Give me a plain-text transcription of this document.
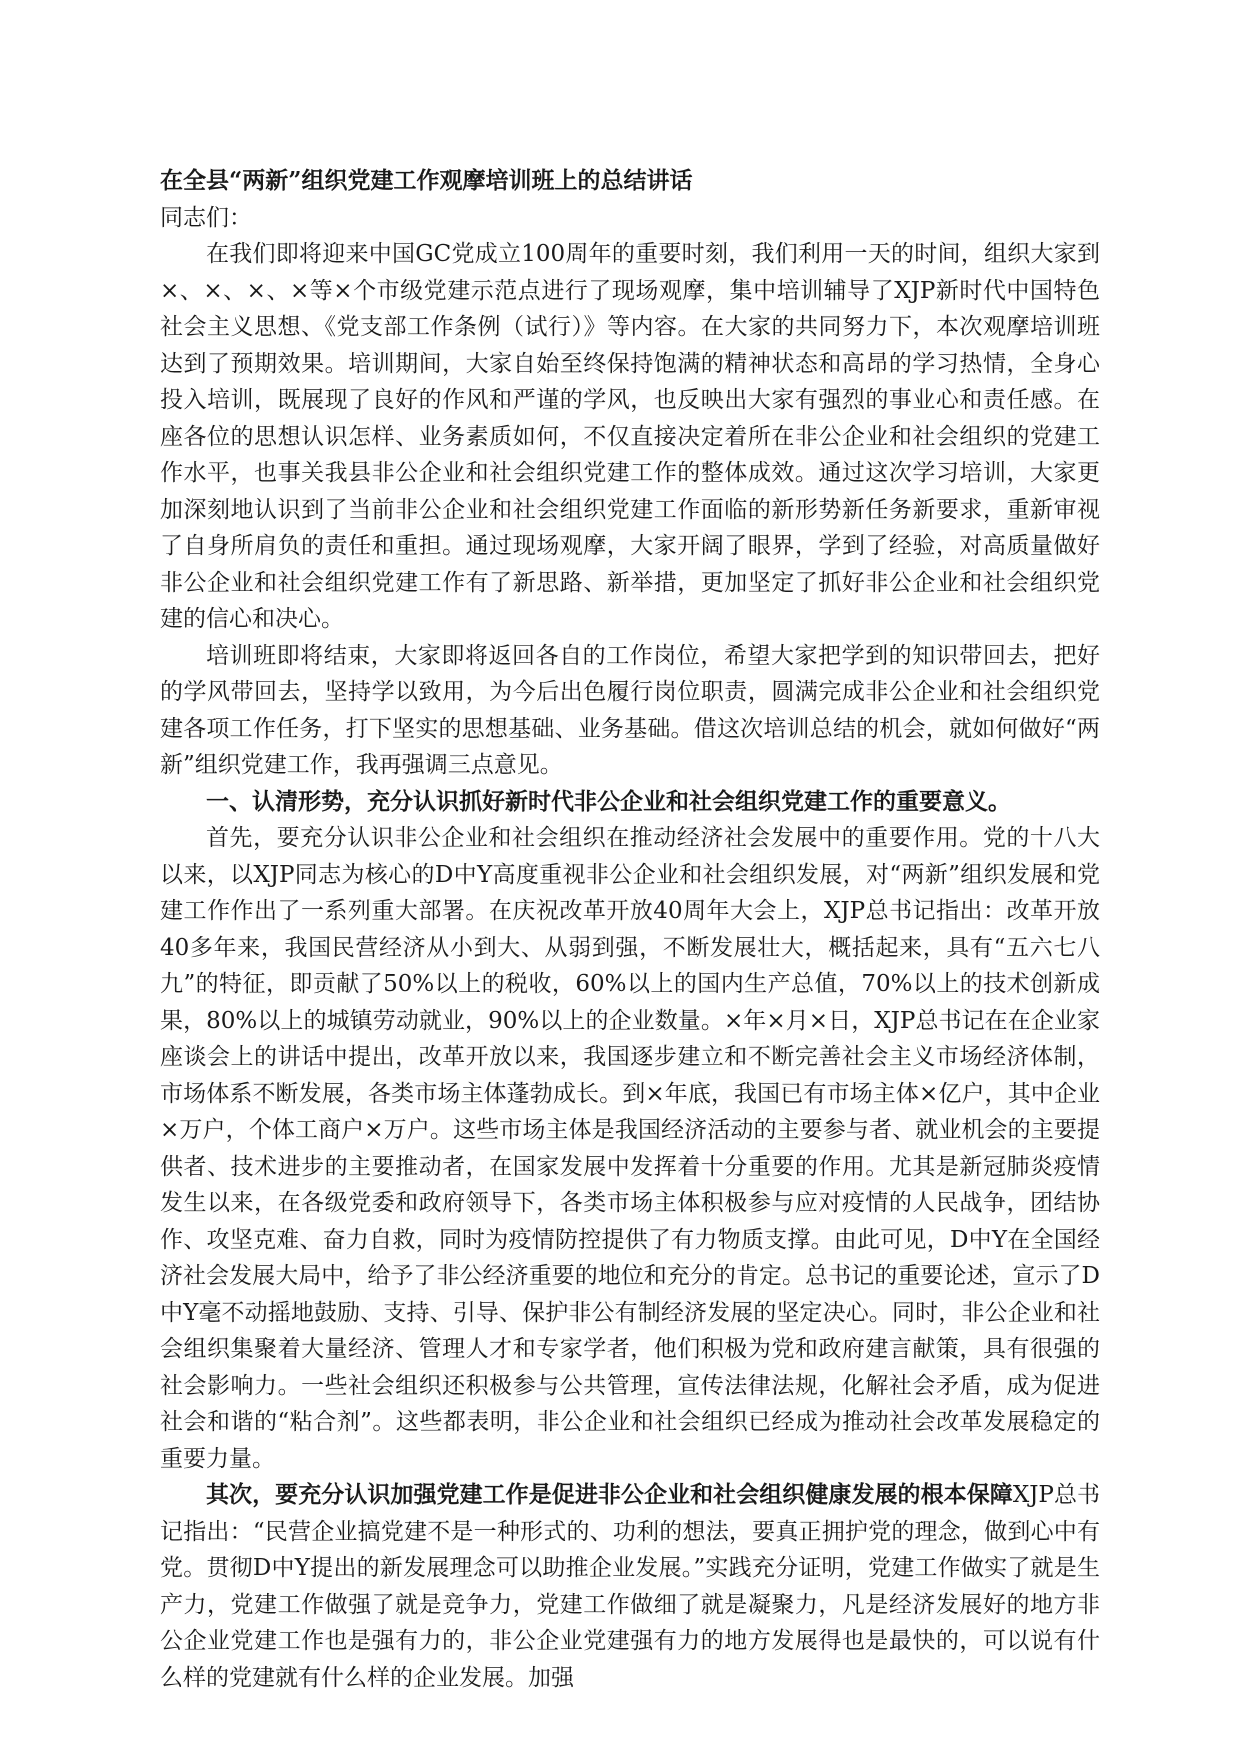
在全县“两新”组织党建工作观摩培训班上的总结讲话

同志们：

在我们即将迎来中国GC党成立100周年的重要时刻，我们利用一天的时间，组织大家到×、×、×、×等×个市级党建示范点进行了现场观摩，集中培训辅导了XJP新时代中国特色社会主义思想、《党支部工作条例（试行）》等内容。在大家的共同努力下，本次观摩培训班达到了预期效果。培训期间，大家自始至终保持饱满的精神状态和高昂的学习热情，全身心投入培训，既展现了良好的作风和严谨的学风，也反映出大家有强烈的事业心和责任感。在座各位的思想认识怎样、业务素质如何，不仅直接决定着所在非公企业和社会组织的党建工作水平，也事关我县非公企业和社会组织党建工作的整体成效。通过这次学习培训，大家更加深刻地认识到了当前非公企业和社会组织党建工作面临的新形势新任务新要求，重新审视了自身所肩负的责任和重担。通过现场观摩，大家开阔了眼界，学到了经验，对高质量做好非公企业和社会组织党建工作有了新思路、新举措，更加坚定了抓好非公企业和社会组织党建的信心和决心。

培训班即将结束，大家即将返回各自的工作岗位，希望大家把学到的知识带回去，把好的学风带回去，坚持学以致用，为今后出色履行岗位职责，圆满完成非公企业和社会组织党建各项工作任务，打下坚实的思想基础、业务基础。借这次培训总结的机会，就如何做好“两新”组织党建工作，我再强调三点意见。

一、认清形势，充分认识抓好新时代非公企业和社会组织党建工作的重要意义。

首先，要充分认识非公企业和社会组织在推动经济社会发展中的重要作用。党的十八大以来，以XJP同志为核心的D中Y高度重视非公企业和社会组织发展，对“两新”组织发展和党建工作作出了一系列重大部署。在庆祝改革开放40周年大会上，XJP总书记指出：改革开放40多年来，我国民营经济从小到大、从弱到强，不断发展壮大，概括起来，具有“五六七八九”的特征，即贡献了50%以上的税收，60%以上的国内生产总值，70%以上的技术创新成果，80%以上的城镇劳动就业，90%以上的企业数量。×年×月×日，XJP总书记在在企业家座谈会上的讲话中提出，改革开放以来，我国逐步建立和不断完善社会主义市场经济体制，市场体系不断发展，各类市场主体蓬勃成长。到×年底，我国已有市场主体×亿户，其中企业×万户，个体工商户×万户。这些市场主体是我国经济活动的主要参与者、就业机会的主要提供者、技术进步的主要推动者，在国家发展中发挥着十分重要的作用。尤其是新冠肺炎疫情发生以来，在各级党委和政府领导下，各类市场主体积极参与应对疫情的人民战争，团结协作、攻坚克难、奋力自救，同时为疫情防控提供了有力物质支撑。由此可见，D中Y在全国经济社会发展大局中，给予了非公经济重要的地位和充分的肯定。总书记的重要论述，宣示了D中Y毫不动摇地鼓励、支持、引导、保护非公有制经济发展的坚定决心。同时，非公企业和社会组织集聚着大量经济、管理人才和专家学者，他们积极为党和政府建言献策，具有很强的社会影响力。一些社会组织还积极参与公共管理，宣传法律法规，化解社会矛盾，成为促进社会和谐的“粘合剂”。这些都表明，非公企业和社会组织已经成为推动社会改革发展稳定的重要力量。

其次，要充分认识加强党建工作是促进非公企业和社会组织健康发展的根本保障XJP总书记指出：“民营企业搞党建不是一种形式的、功利的想法，要真正拥护党的理念，做到心中有党。贯彻D中Y提出的新发展理念可以助推企业发展。”实践充分证明，党建工作做实了就是生产力，党建工作做强了就是竞争力，党建工作做细了就是凝聚力，凡是经济发展好的地方非公企业党建工作也是强有力的，非公企业党建强有力的地方发展得也是最快的，可以说有什么样的党建就有什么样的企业发展。加强
